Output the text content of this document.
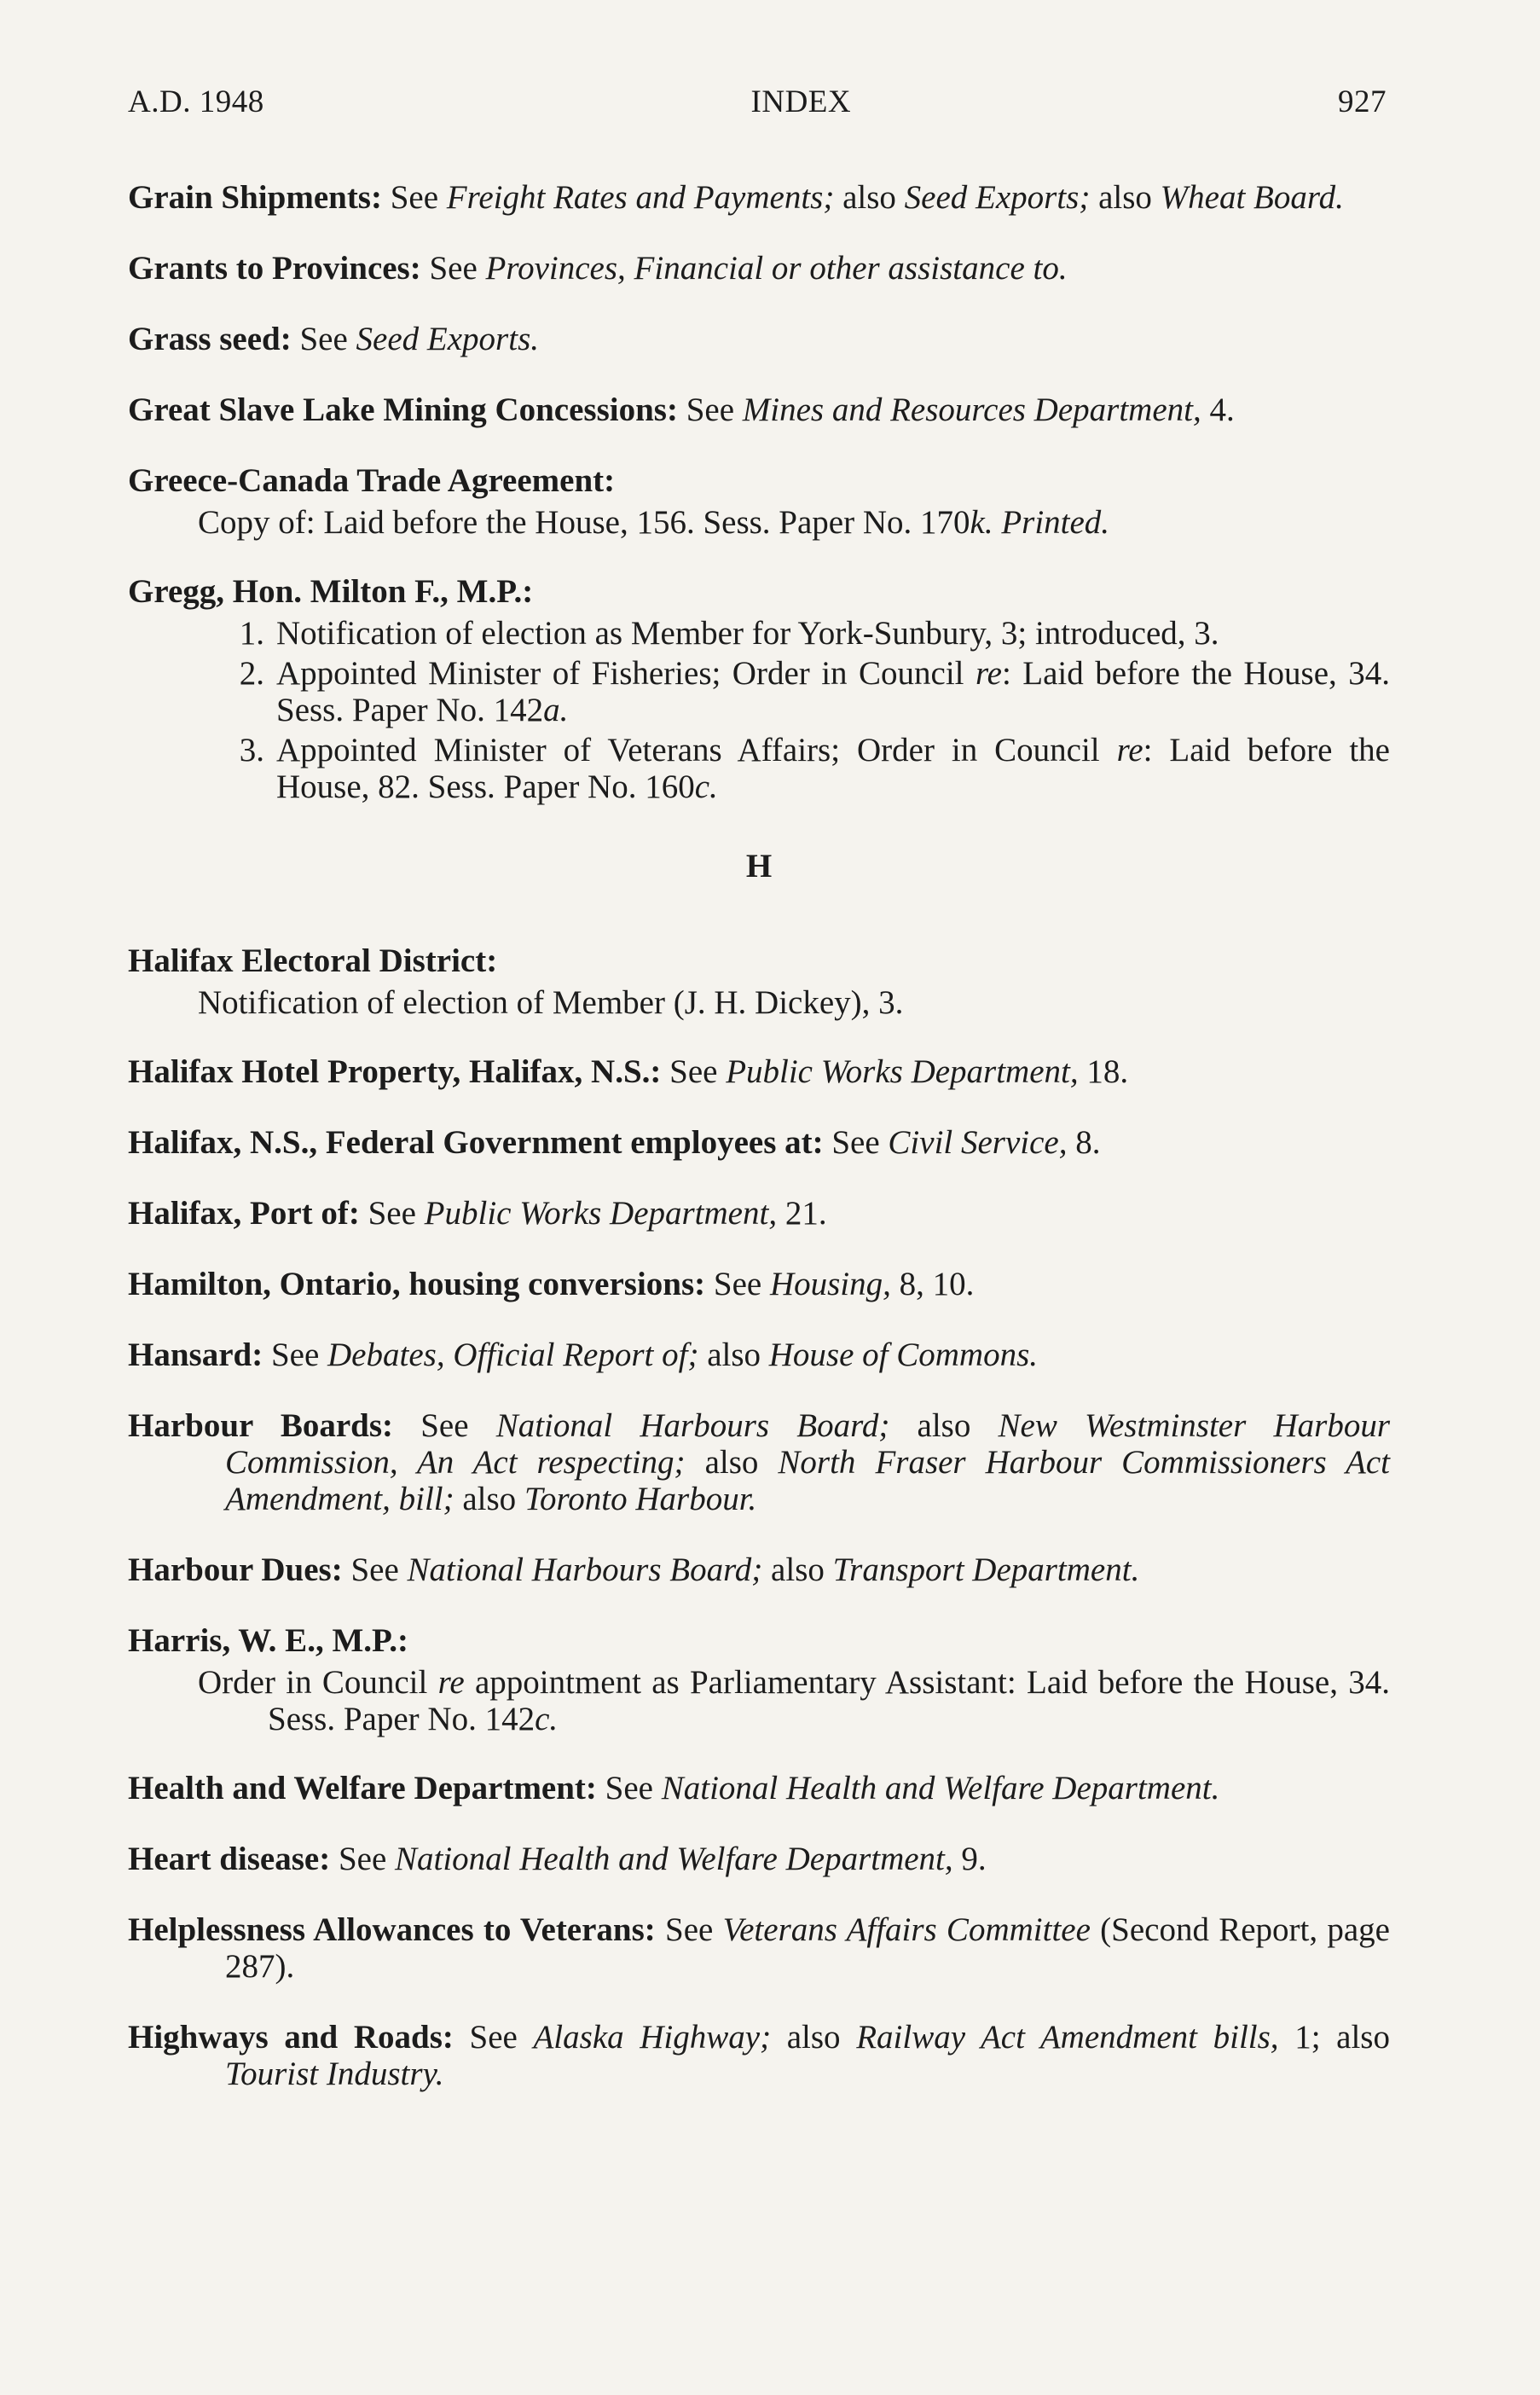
A.D. 1948	INDEX	927
Grain Shipments: See Freight Rates and Payments; also Seed Exports; also Wheat Board.
Grants to Provinces: See Provinces, Financial or other assistance to.
Grass seed: See Seed Exports.
Great Slave Lake Mining Concessions: See Mines and Resources Department, 4.
Greece-Canada Trade Agreement:
Copy of: Laid before the House, 156. Sess. Paper No. 170k. Printed.
Gregg, Hon. Milton F., M.P.:
1. Notification of election as Member for York-Sunbury, 3; introduced, 3.
2. Appointed Minister of Fisheries; Order in Council re: Laid before the House, 34. Sess. Paper No. 142a.
3. Appointed Minister of Veterans Affairs; Order in Council re: Laid before the House, 82. Sess. Paper No. 160c.
H
Halifax Electoral District:
Notification of election of Member (J. H. Dickey), 3.
Halifax Hotel Property, Halifax, N.S.: See Public Works Department, 18.
Halifax, N.S., Federal Government employees at: See Civil Service, 8.
Halifax, Port of: See Public Works Department, 21.
Hamilton, Ontario, housing conversions: See Housing, 8, 10.
Hansard: See Debates, Official Report of; also House of Commons.
Harbour Boards: See National Harbours Board; also New Westminster Harbour Commission, An Act respecting; also North Fraser Harbour Commissioners Act Amendment, bill; also Toronto Harbour.
Harbour Dues: See National Harbours Board; also Transport Department.
Harris, W. E., M.P.:
Order in Council re appointment as Parliamentary Assistant: Laid before the House, 34. Sess. Paper No. 142c.
Health and Welfare Department: See National Health and Welfare Department.
Heart disease: See National Health and Welfare Department, 9.
Helplessness Allowances to Veterans: See Veterans Affairs Committee (Second Report, page 287).
Highways and Roads: See Alaska Highway; also Railway Act Amendment bills, 1; also Tourist Industry.
